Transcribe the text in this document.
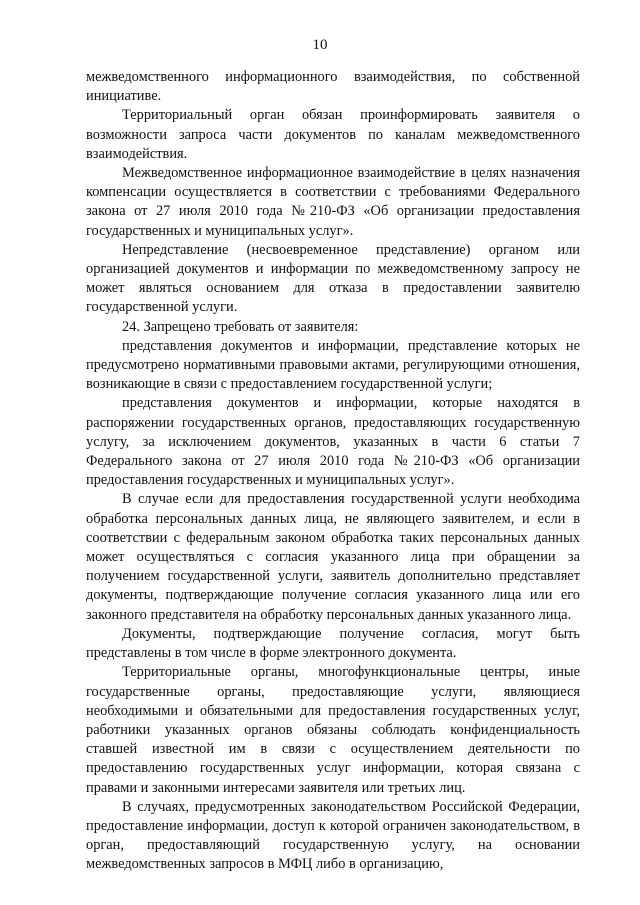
10

межведомственного информационного взаимодействия, по собственной инициативе.

Территориальный орган обязан проинформировать заявителя о возможности запроса части документов по каналам межведомственного взаимодействия.

Межведомственное информационное взаимодействие в целях назначения компенсации осуществляется в соответствии с требованиями Федерального закона от 27 июля 2010 года №210-ФЗ «Об организации предоставления государственных и муниципальных услуг».

Непредставление (несвоевременное представление) органом или организацией документов и информации по межведомственному запросу не может являться основанием для отказа в предоставлении заявителю государственной услуги.

24. Запрещено требовать от заявителя:

представления документов и информации, представление которых не предусмотрено нормативными правовыми актами, регулирующими отношения, возникающие в связи с предоставлением государственной услуги;

представления документов и информации, которые находятся в распоряжении государственных органов, предоставляющих государственную услугу, за исключением документов, указанных в части 6 статьи 7 Федерального закона от 27 июля 2010 года №210-ФЗ «Об организации предоставления государственных и муниципальных услуг».

В случае если для предоставления государственной услуги необходима обработка персональных данных лица, не являющего заявителем, и если в соответствии с федеральным законом обработка таких персональных данных может осуществляться с согласия указанного лица при обращении за получением государственной услуги, заявитель дополнительно представляет документы, подтверждающие получение согласия указанного лица или его законного представителя на обработку персональных данных указанного лица.

Документы, подтверждающие получение согласия, могут быть представлены в том числе в форме электронного документа.

Территориальные органы, многофункциональные центры, иные государственные органы, предоставляющие услуги, являющиеся необходимыми и обязательными для предоставления государственных услуг, работники указанных органов обязаны соблюдать конфиденциальность ставшей известной им в связи с осуществлением деятельности по предоставлению государственных услуг информации, которая связана с правами и законными интересами заявителя или третьих лиц.

В случаях, предусмотренных законодательством Российской Федерации, предоставление информации, доступ к которой ограничен законодательством, в орган, предоставляющий государственную услугу, на основании межведомственных запросов в МФЦ либо в организацию,
